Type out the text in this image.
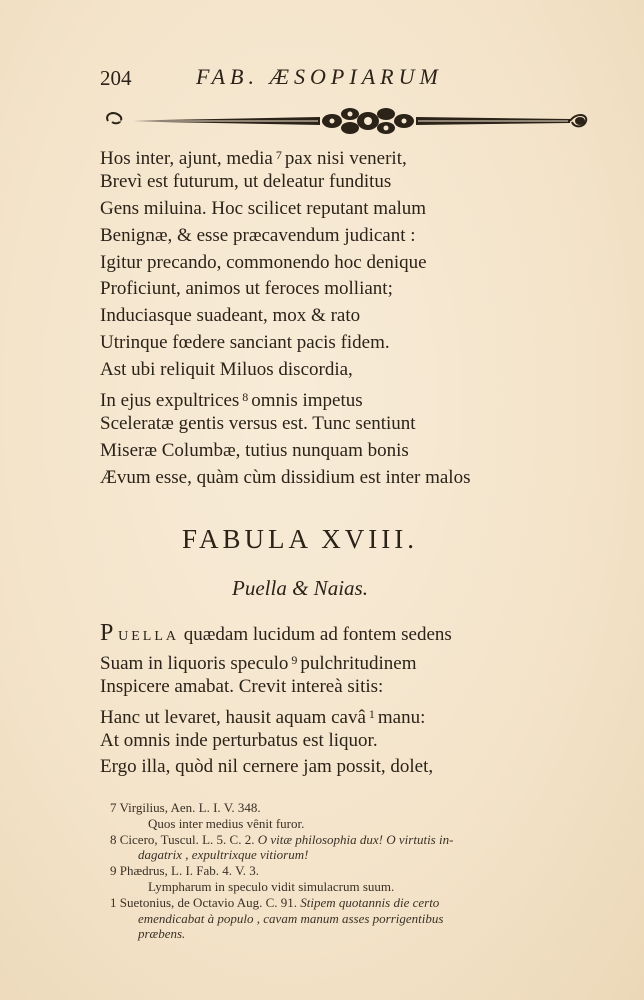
204	FAB. ÆSOPIARUM
Hos inter, ajunt, media $^7$ pax nisi venerit,
Brevì est futurum, ut deleatur funditus
Gens miluina. Hoc scilicet reputant malum
Benignæ, & esse præcavendum judicant :
Igitur precando, commonendo hoc denique
Proficiunt, animos ut feroces molliant;
Induciasque suadeant, mox & rato
Utrinque fœdere sanciant pacis fidem.
Ast ubi reliquit Miluos discordia,
In ejus expultrices $^8$ omnis impetus
Sceleratæ gentis versus est. Tunc sentiunt
Miseræ Columbæ, tutius nunquam bonis
Ævum esse, quàm cùm dissidium est inter malos
FABULA XVIII.
Puella & Naias.
P UELLA quædam lucidum ad fontem sedens
Suam in liquoris speculo $^9$ pulchritudinem
Inspicere amabat. Crevit intereà sitis:
Hanc ut levaret, hausit aquam cavâ $^1$ manu:
At omnis inde perturbatus est liquor.
Ergo illa, quòd nil cernere jam possit, dolet,
7 Virgilius, Aen. L. I. V. 348.
Quos inter medius vênit furor.
8 Cicero, Tuscul. L. 5. C. 2. O vitæ philosophia dux! O virtutis in-
dagatrix , expultrixque vitiorum!
9 Phædrus, L. I. Fab. 4. V. 3.
Lympharum in speculo vidit simulacrum suum.
1 Suetonius, de Octavio Aug. C. 91. Stipem quotannis die certo
emendicabat à populo , cavam manum asses porrigentibus
præbens.
